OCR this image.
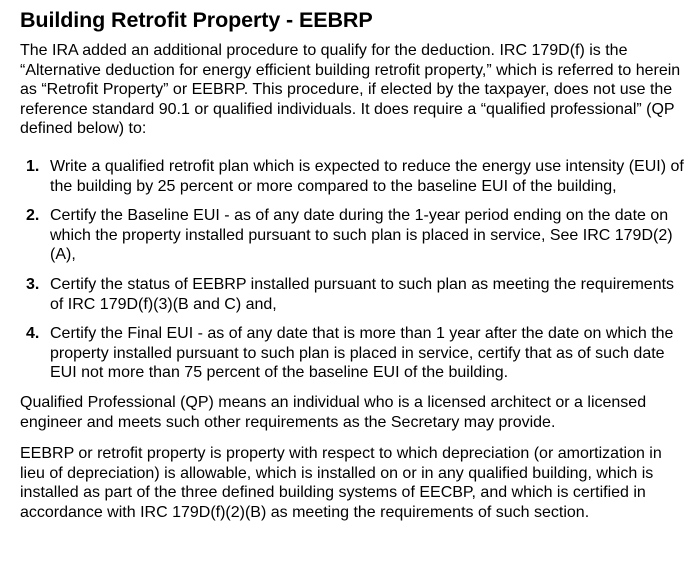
Building Retrofit Property - EEBRP

The IRA added an additional procedure to qualify for the deduction. IRC 179D(f) is the “Alternative deduction for energy efficient building retrofit property,” which is referred to herein as “Retrofit Property” or EEBRP. This procedure, if elected by the taxpayer, does not use the reference standard 90.1 or qualified individuals. It does require a “qualified professional” (QP defined below) to:

1. Write a qualified retrofit plan which is expected to reduce the energy use intensity (EUI) of the building by 25 percent or more compared to the baseline EUI of the building,
2. Certify the Baseline EUI - as of any date during the 1-year period ending on the date on which the property installed pursuant to such plan is placed in service, See IRC 179D(2)(A),
3. Certify the status of EEBRP installed pursuant to such plan as meeting the requirements of IRC 179D(f)(3)(B and C) and,
4. Certify the Final EUI - as of any date that is more than 1 year after the date on which the property installed pursuant to such plan is placed in service, certify that as of such date EUI not more than 75 percent of the baseline EUI of the building.

Qualified Professional (QP) means an individual who is a licensed architect or a licensed engineer and meets such other requirements as the Secretary may provide.

EEBRP or retrofit property is property with respect to which depreciation (or amortization in lieu of depreciation) is allowable, which is installed on or in any qualified building, which is installed as part of the three defined building systems of EECBP, and which is certified in accordance with IRC 179D(f)(2)(B) as meeting the requirements of such section.
